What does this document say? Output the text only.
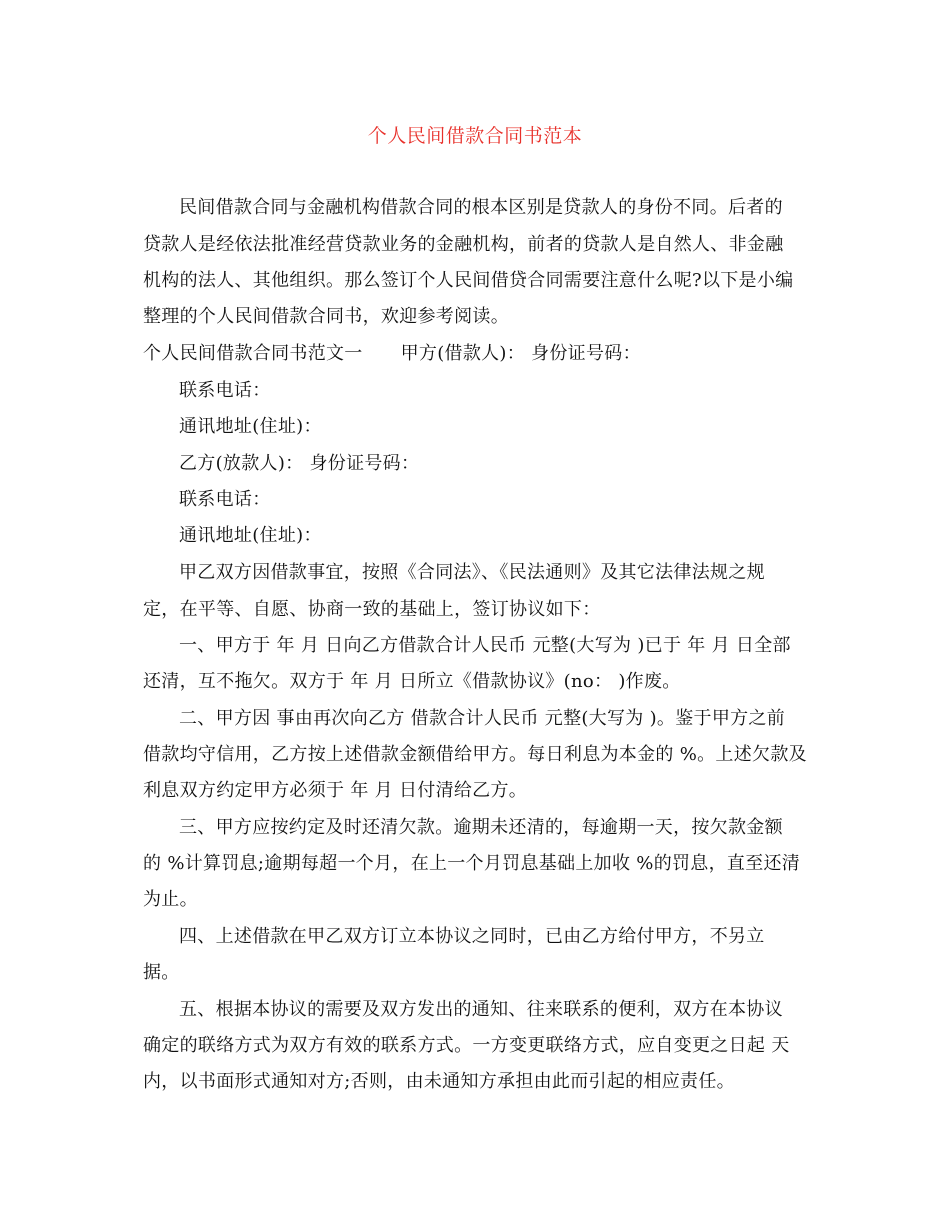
个人民间借款合同书范本
民间借款合同与金融机构借款合同的根本区别是贷款人的身份不同。后者的
贷款人是经依法批准经营贷款业务的金融机构，前者的贷款人是自然人、非金融
机构的法人、其他组织。那么签订个人民间借贷合同需要注意什么呢?以下是小编
整理的个人民间借款合同书，欢迎参考阅读。
个人民间借款合同书范文一 甲方(借款人)： 身份证号码：
联系电话：
通讯地址(住址)：
乙方(放款人)： 身份证号码：
联系电话：
通讯地址(住址)：
甲乙双方因借款事宜，按照《合同法》、《民法通则》及其它法律法规之规
定，在平等、自愿、协商一致的基础上，签订协议如下：
一、甲方于 年 月 日向乙方借款合计人民币 元整(大写为 )已于 年 月 日全部
还清，互不拖欠。双方于 年 月 日所立《借款协议》(no： )作废。
二、甲方因 事由再次向乙方 借款合计人民币 元整(大写为 )。鉴于甲方之前
借款均守信用，乙方按上述借款金额借给甲方。每日利息为本金的 %。上述欠款及
利息双方约定甲方必须于 年 月 日付清给乙方。
三、甲方应按约定及时还清欠款。逾期未还清的，每逾期一天，按欠款金额
的 %计算罚息;逾期每超一个月，在上一个月罚息基础上加收 %的罚息，直至还清
为止。
四、上述借款在甲乙双方订立本协议之同时，已由乙方给付甲方，不另立
据。
五、根据本协议的需要及双方发出的通知、往来联系的便利，双方在本协议
确定的联络方式为双方有效的联系方式。一方变更联络方式，应自变更之日起 天
内，以书面形式通知对方;否则，由未通知方承担由此而引起的相应责任。
